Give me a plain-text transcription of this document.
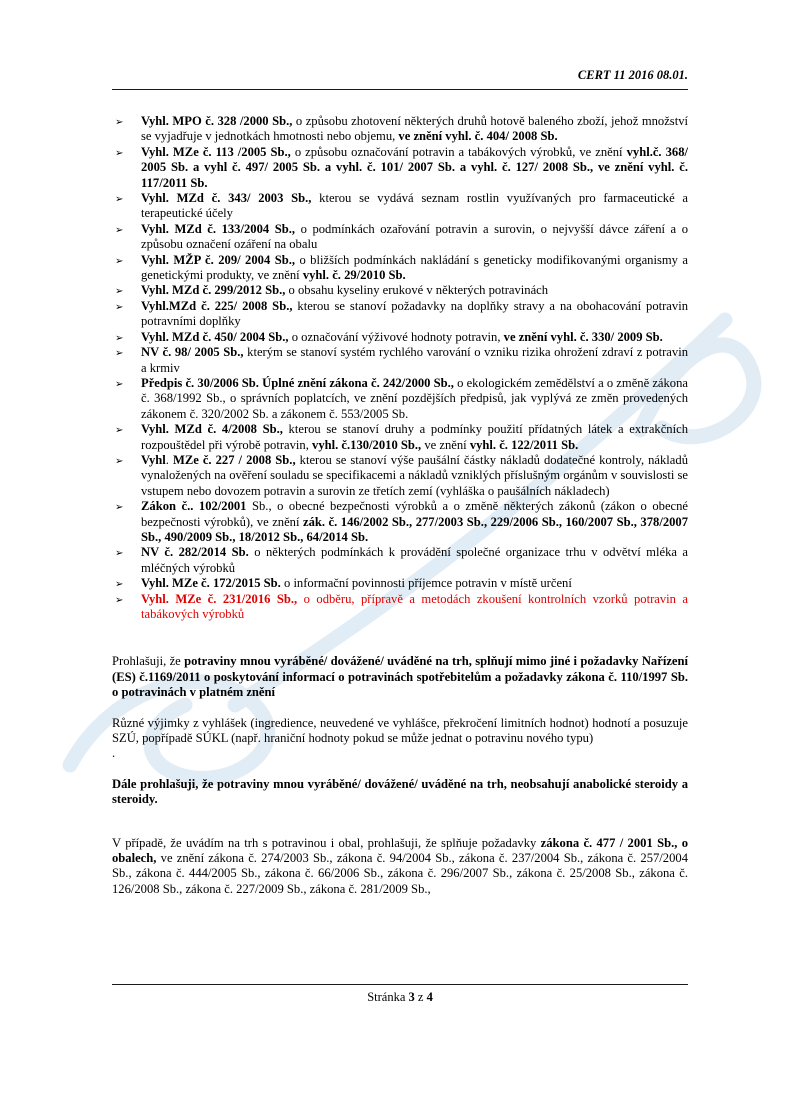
CERT 11 2016 08.01.
➢ Vyhl. MPO č. 328 /2000 Sb., o způsobu zhotovení některých druhů hotově baleného zboží, jehož množství se vyjadřuje v jednotkách hmotnosti nebo objemu, ve znění vyhl. č. 404/ 2008 Sb.
➢ Vyhl. MZe č. 113 /2005 Sb., o způsobu označování potravin a tabákových výrobků, ve znění vyhl.č. 368/ 2005 Sb. a vyhl č. 497/ 2005 Sb. a vyhl. č. 101/ 2007 Sb. a vyhl. č. 127/ 2008 Sb., ve znění vyhl. č. 117/2011 Sb.
➢ Vyhl. MZd č. 343/ 2003 Sb., kterou se vydává seznam rostlin využívaných pro farmaceutické a terapeutické účely
➢ Vyhl. MZd č. 133/2004 Sb., o podmínkách ozařování potravin a surovin, o nejvyšší dávce záření a o způsobu označení ozáření na obalu
➢ Vyhl. MŽP č. 209/ 2004 Sb., o bližších podmínkách nakládání s geneticky modifikovanými organismy a genetickými produkty, ve znění vyhl. č. 29/2010 Sb.
➢ Vyhl. MZd č. 299/2012 Sb., o obsahu kyseliny erukové v některých potravinách
➢ Vyhl.MZd č. 225/ 2008 Sb., kterou se stanoví požadavky na doplňky stravy a na obohacování potravin potravními doplňky
➢ Vyhl. MZd č. 450/ 2004 Sb., o označování výživové hodnoty potravin, ve znění vyhl. č. 330/ 2009 Sb.
➢ NV č. 98/ 2005 Sb., kterým se stanoví systém rychlého varování o vzniku rizika ohrožení zdraví z potravin a krmiv
➢ Předpis č. 30/2006 Sb. Úplné znění zákona č. 242/2000 Sb., o ekologickém zemědělství a o změně zákona č. 368/1992 Sb., o správních poplatcích, ve znění pozdějších předpisů, jak vyplývá ze změn provedených zákonem č. 320/2002 Sb. a zákonem č. 553/2005 Sb.
➢ Vyhl. MZd č. 4/2008 Sb., kterou se stanoví druhy a podmínky použití přídatných látek a extrakčních rozpouštědel při výrobě potravin, vyhl. č.130/2010 Sb., ve znění vyhl. č. 122/2011 Sb.
➢ Vyhl. MZe č. 227 / 2008 Sb., kterou se stanoví výše paušální částky nákladů dodatečné kontroly, nákladů vynaložených na ověření souladu se specifikacemi a nákladů vzniklých příslušným orgánům v souvislosti se vstupem nebo dovozem potravin a surovin ze třetích zemí (vyhláška o paušálních nákladech)
➢ Zákon č.. 102/2001 Sb., o obecné bezpečnosti výrobků a o změně některých zákonů (zákon o obecné bezpečnosti výrobků), ve znění zák. č. 146/2002 Sb., 277/2003 Sb., 229/2006 Sb., 160/2007 Sb., 378/2007 Sb., 490/2009 Sb., 18/2012 Sb., 64/2014 Sb.
➢ NV č. 282/2014 Sb. o některých podmínkách k provádění společné organizace trhu v odvětví mléka a mléčných výrobků
➢ Vyhl. MZe č. 172/2015 Sb. o informační povinnosti příjemce potravin v místě určení
➢ Vyhl. MZe č. 231/2016 Sb., o odběru, přípravě a metodách zkoušení kontrolních vzorků potravin a tabákových výrobků
Prohlašuji, že potraviny mnou vyráběné/ dovážené/ uváděné na trh, splňují mimo jiné i požadavky Nařízení (ES) č.1169/2011 o poskytování informací o potravinách spotřebitelům a požadavky zákona č. 110/1997 Sb. o potravinách v platném znění
Různé výjimky z vyhlášek (ingredience, neuvedené ve vyhlášce, překročení limitních hodnot) hodnotí a posuzuje SZÚ, popřípadě SÚKL (např. hraniční hodnoty pokud se může jednat o potravinu nového typu)
.
Dále prohlašuji, že potraviny mnou vyráběné/ dovážené/ uváděné na trh, neobsahují anabolické steroidy a steroidy.
V případě, že uvádím na trh s potravinou i obal, prohlašuji, že splňuje požadavky zákona č. 477 / 2001 Sb., o obalech, ve znění zákona č. 274/2003 Sb., zákona č. 94/2004 Sb., zákona č. 237/2004 Sb., zákona č. 257/2004 Sb., zákona č. 444/2005 Sb., zákona č. 66/2006 Sb., zákona č. 296/2007 Sb., zákona č. 25/2008 Sb., zákona č. 126/2008 Sb., zákona č. 227/2009 Sb., zákona č. 281/2009 Sb.,
Stránka 3 z 4
